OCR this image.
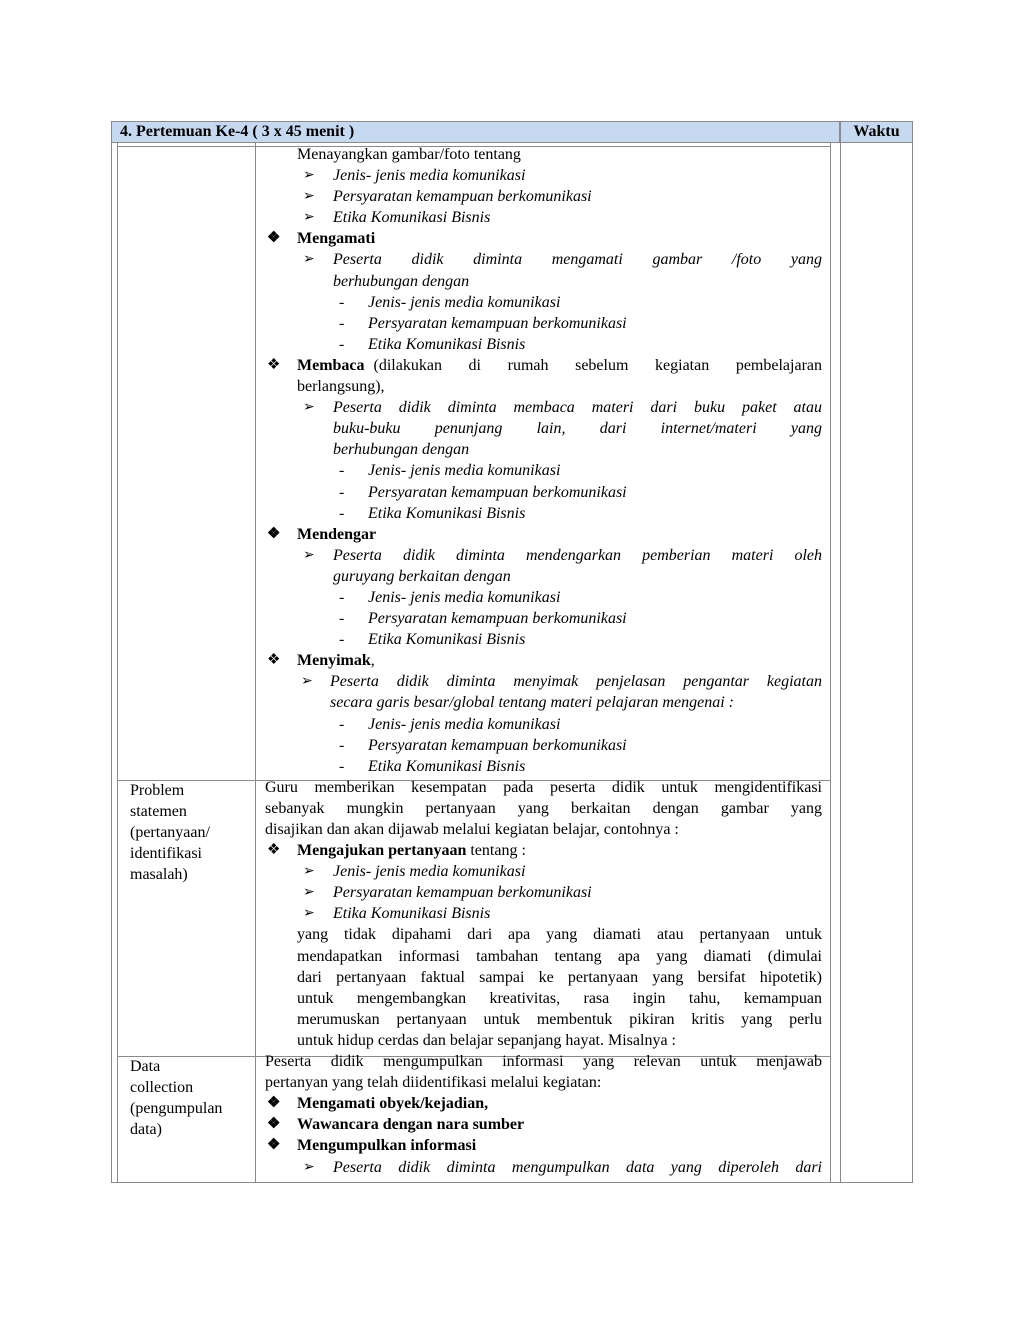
4. Pertemuan Ke-4 ( 3 x 45 menit )	Waktu
Problem
statemen
(pertanyaan/
identifikasi
masalah)
Data
collection
(pengumpulan
data)
Menayangkan gambar/foto tentang
➢ Jenis- jenis media komunikasi
➢ Persyaratan kemampuan berkomunikasi
➢ Etika Komunikasi Bisnis
❖ Mengamati
➢ Peserta didik diminta mengamati gambar /foto yang
berhubungan dengan
- Jenis- jenis media komunikasi
- Persyaratan kemampuan berkomunikasi
- Etika Komunikasi Bisnis
❖ Membaca (dilakukan di rumah sebelum kegiatan pembelajaran
berlangsung),
➢ Peserta didik diminta membaca materi dari buku paket atau
buku-buku penunjang lain, dari internet/materi yang
berhubungan dengan
- Jenis- jenis media komunikasi
- Persyaratan kemampuan berkomunikasi
- Etika Komunikasi Bisnis
❖ Mendengar
➢ Peserta didik diminta mendengarkan pemberian materi oleh
guruyang berkaitan dengan
- Jenis- jenis media komunikasi
- Persyaratan kemampuan berkomunikasi
- Etika Komunikasi Bisnis
❖ Menyimak,
➢ Peserta didik diminta menyimak penjelasan pengantar kegiatan
secara garis besar/global tentang materi pelajaran mengenai :
- Jenis- jenis media komunikasi
- Persyaratan kemampuan berkomunikasi
- Etika Komunikasi Bisnis
Guru memberikan kesempatan pada peserta didik untuk mengidentifikasi
sebanyak mungkin pertanyaan yang berkaitan dengan gambar yang
disajikan dan akan dijawab melalui kegiatan belajar, contohnya :
❖ Mengajukan pertanyaan tentang :
➢ Jenis- jenis media komunikasi
➢ Persyaratan kemampuan berkomunikasi
➢ Etika Komunikasi Bisnis
yang tidak dipahami dari apa yang diamati atau pertanyaan untuk
mendapatkan informasi tambahan tentang apa yang diamati (dimulai
dari pertanyaan faktual sampai ke pertanyaan yang bersifat hipotetik)
untuk mengembangkan kreativitas, rasa ingin tahu, kemampuan
merumuskan pertanyaan untuk membentuk pikiran kritis yang perlu
untuk hidup cerdas dan belajar sepanjang hayat. Misalnya :
Peserta didik mengumpulkan informasi yang relevan untuk menjawab
pertanyan yang telah diidentifikasi melalui kegiatan:
❖ Mengamati obyek/kejadian,
❖ Wawancara dengan nara sumber
❖ Mengumpulkan informasi
➢ Peserta didik diminta mengumpulkan data yang diperoleh dari
